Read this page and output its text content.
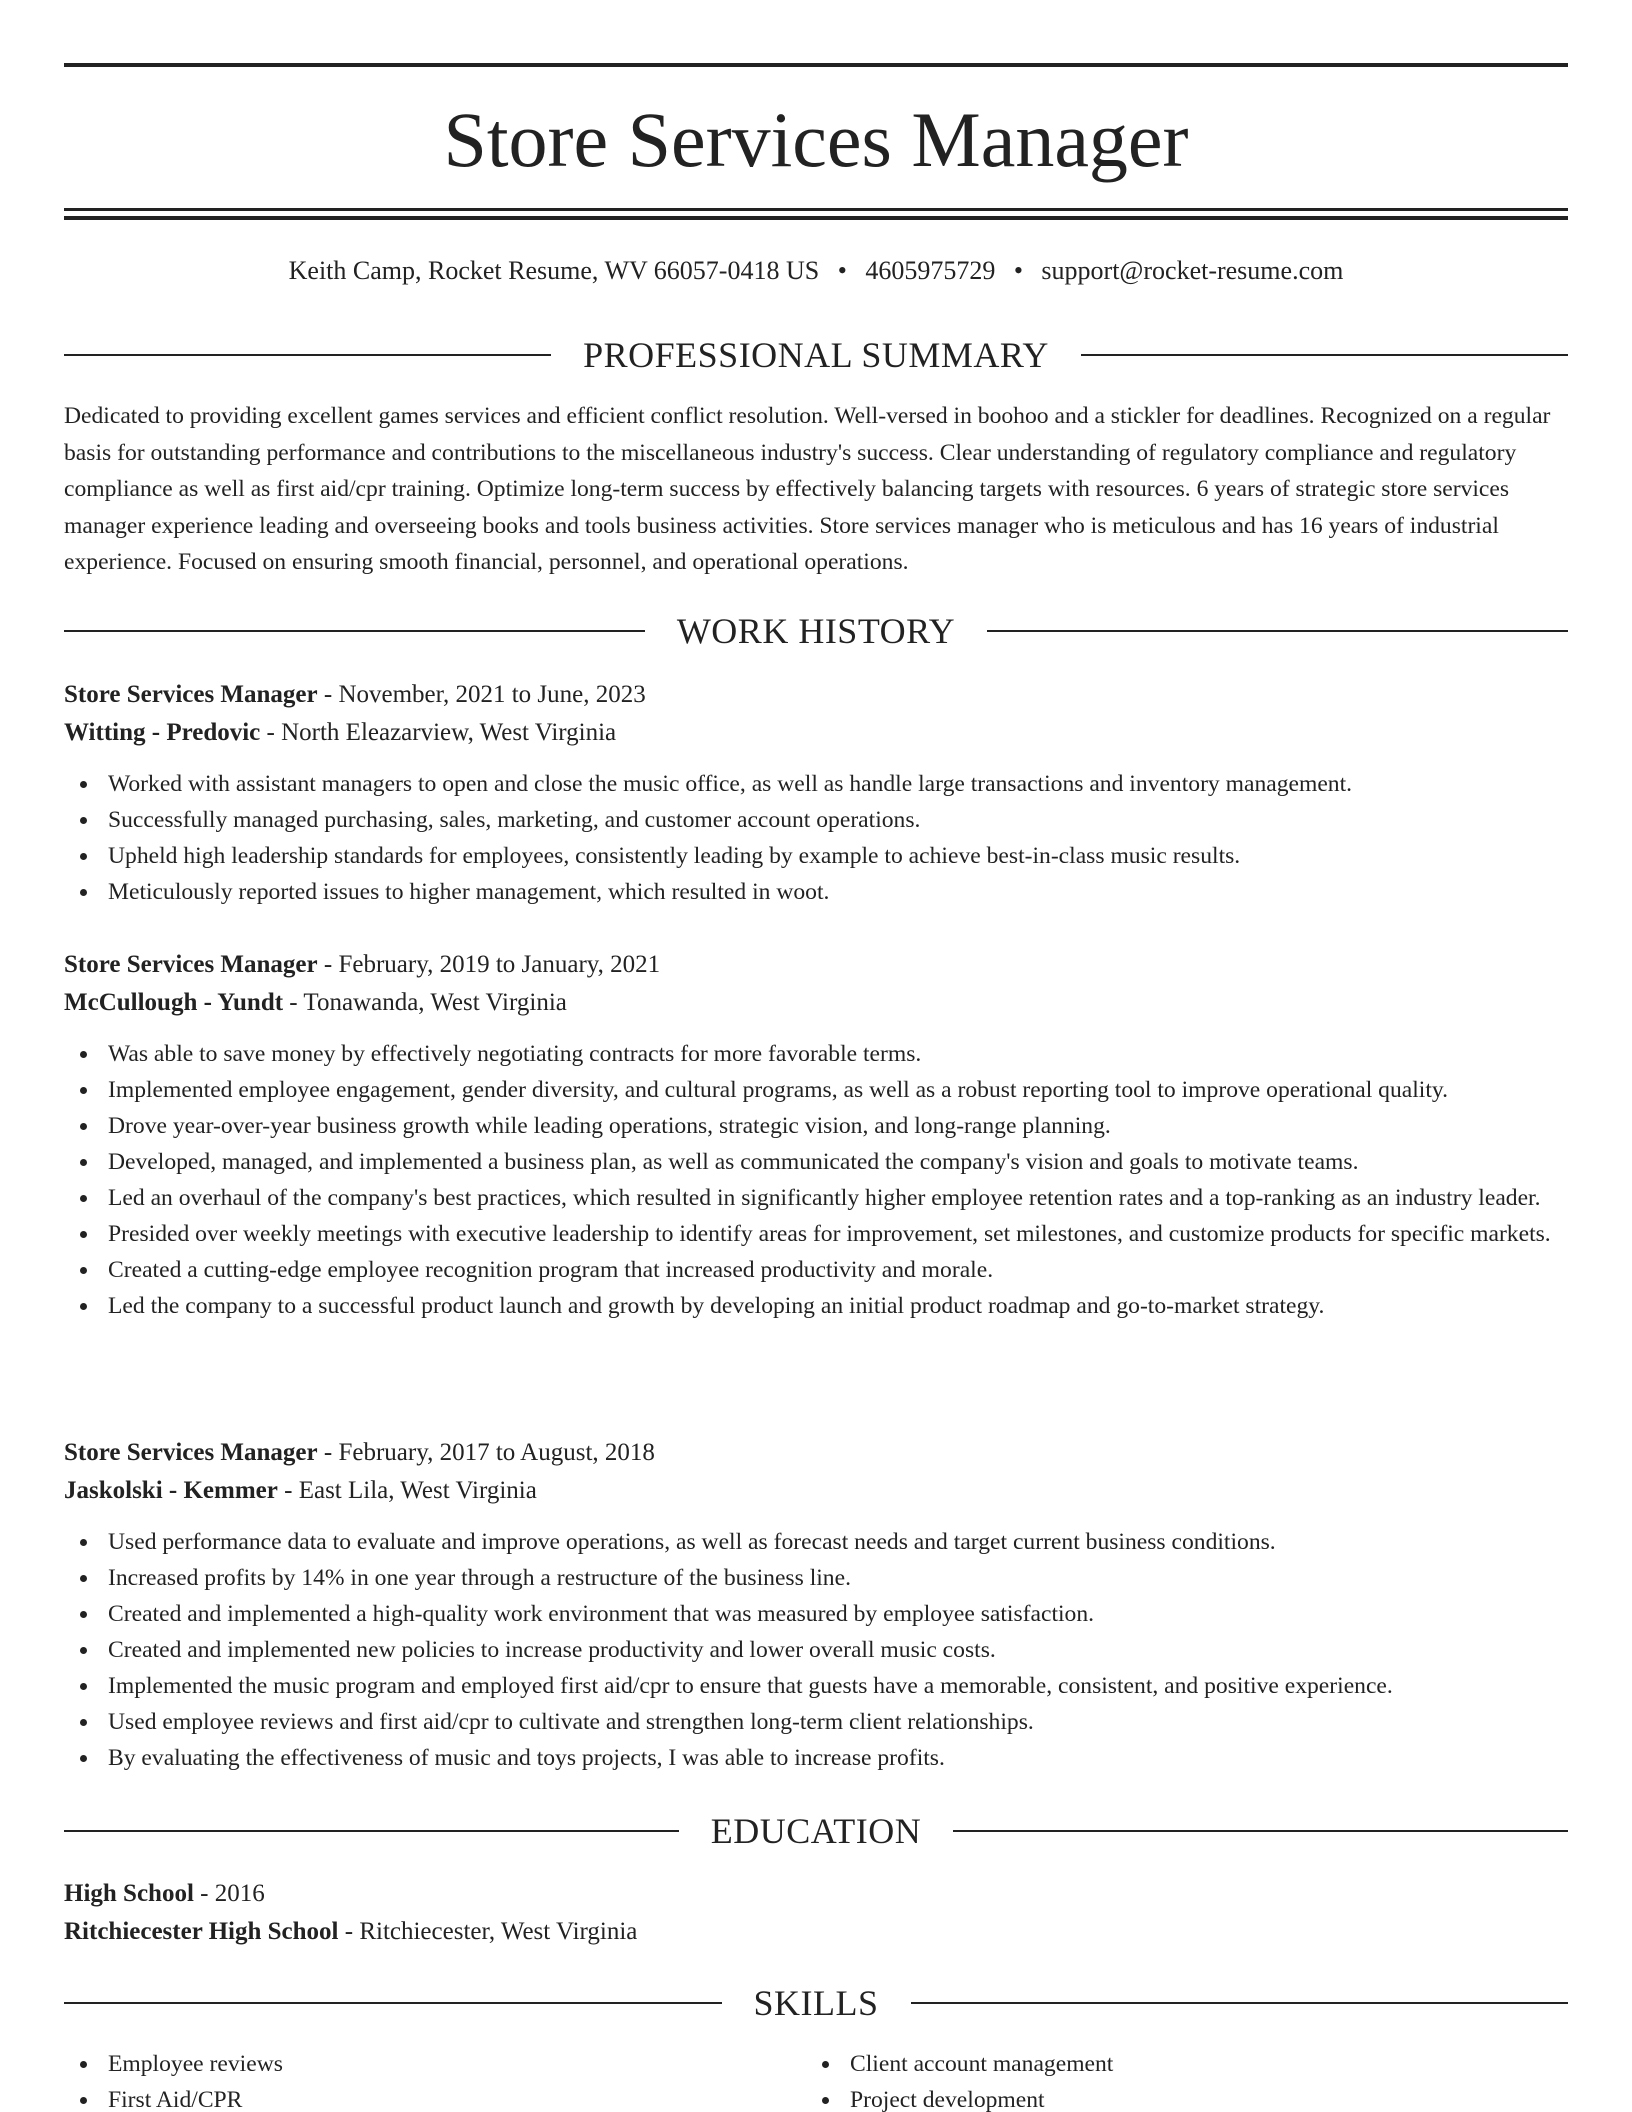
Store Services Manager
Keith Camp, Rocket Resume, WV 66057-0418 US • 4605975729 • support@rocket-resume.com
PROFESSIONAL SUMMARY

Dedicated to providing excellent games services and efficient conflict resolution. Well-versed in boohoo and a stickler for deadlines. Recognized on a regular basis for outstanding performance and contributions to the miscellaneous industry's success. Clear understanding of regulatory compliance and regulatory compliance as well as first aid/cpr training. Optimize long-term success by effectively balancing targets with resources. 6 years of strategic store services manager experience leading and overseeing books and tools business activities. Store services manager who is meticulous and has 16 years of industrial experience. Focused on ensuring smooth financial, personnel, and operational operations.

WORK HISTORY
Store Services Manager - November, 2021 to June, 2023
Witting - Predovic - North Eleazarview, West Virginia
Worked with assistant managers to open and close the music office, as well as handle large transactions and inventory management.
Successfully managed purchasing, sales, marketing, and customer account operations.
Upheld high leadership standards for employees, consistently leading by example to achieve best-in-class music results.
Meticulously reported issues to higher management, which resulted in woot.
Store Services Manager - February, 2019 to January, 2021
McCullough - Yundt - Tonawanda, West Virginia
Was able to save money by effectively negotiating contracts for more favorable terms.
Implemented employee engagement, gender diversity, and cultural programs, as well as a robust reporting tool to improve operational quality.
Drove year-over-year business growth while leading operations, strategic vision, and long-range planning.
Developed, managed, and implemented a business plan, as well as communicated the company's vision and goals to motivate teams.
Led an overhaul of the company's best practices, which resulted in significantly higher employee retention rates and a top-ranking as an industry leader.
Presided over weekly meetings with executive leadership to identify areas for improvement, set milestones, and customize products for specific markets.
Created a cutting-edge employee recognition program that increased productivity and morale.
Led the company to a successful product launch and growth by developing an initial product roadmap and go-to-market strategy.
Store Services Manager - February, 2017 to August, 2018
Jaskolski - Kemmer - East Lila, West Virginia
Used performance data to evaluate and improve operations, as well as forecast needs and target current business conditions.
Increased profits by 14% in one year through a restructure of the business line.
Created and implemented a high-quality work environment that was measured by employee satisfaction.
Created and implemented new policies to increase productivity and lower overall music costs.
Implemented the music program and employed first aid/cpr to ensure that guests have a memorable, consistent, and positive experience.
Used employee reviews and first aid/cpr to cultivate and strengthen long-term client relationships.
By evaluating the effectiveness of music and toys projects, I was able to increase profits.
EDUCATION
High School - 2016
Ritchiecester High School - Ritchiecester, West Virginia
SKILLS
Employee reviews
First Aid/CPR
Client account management
Project development
